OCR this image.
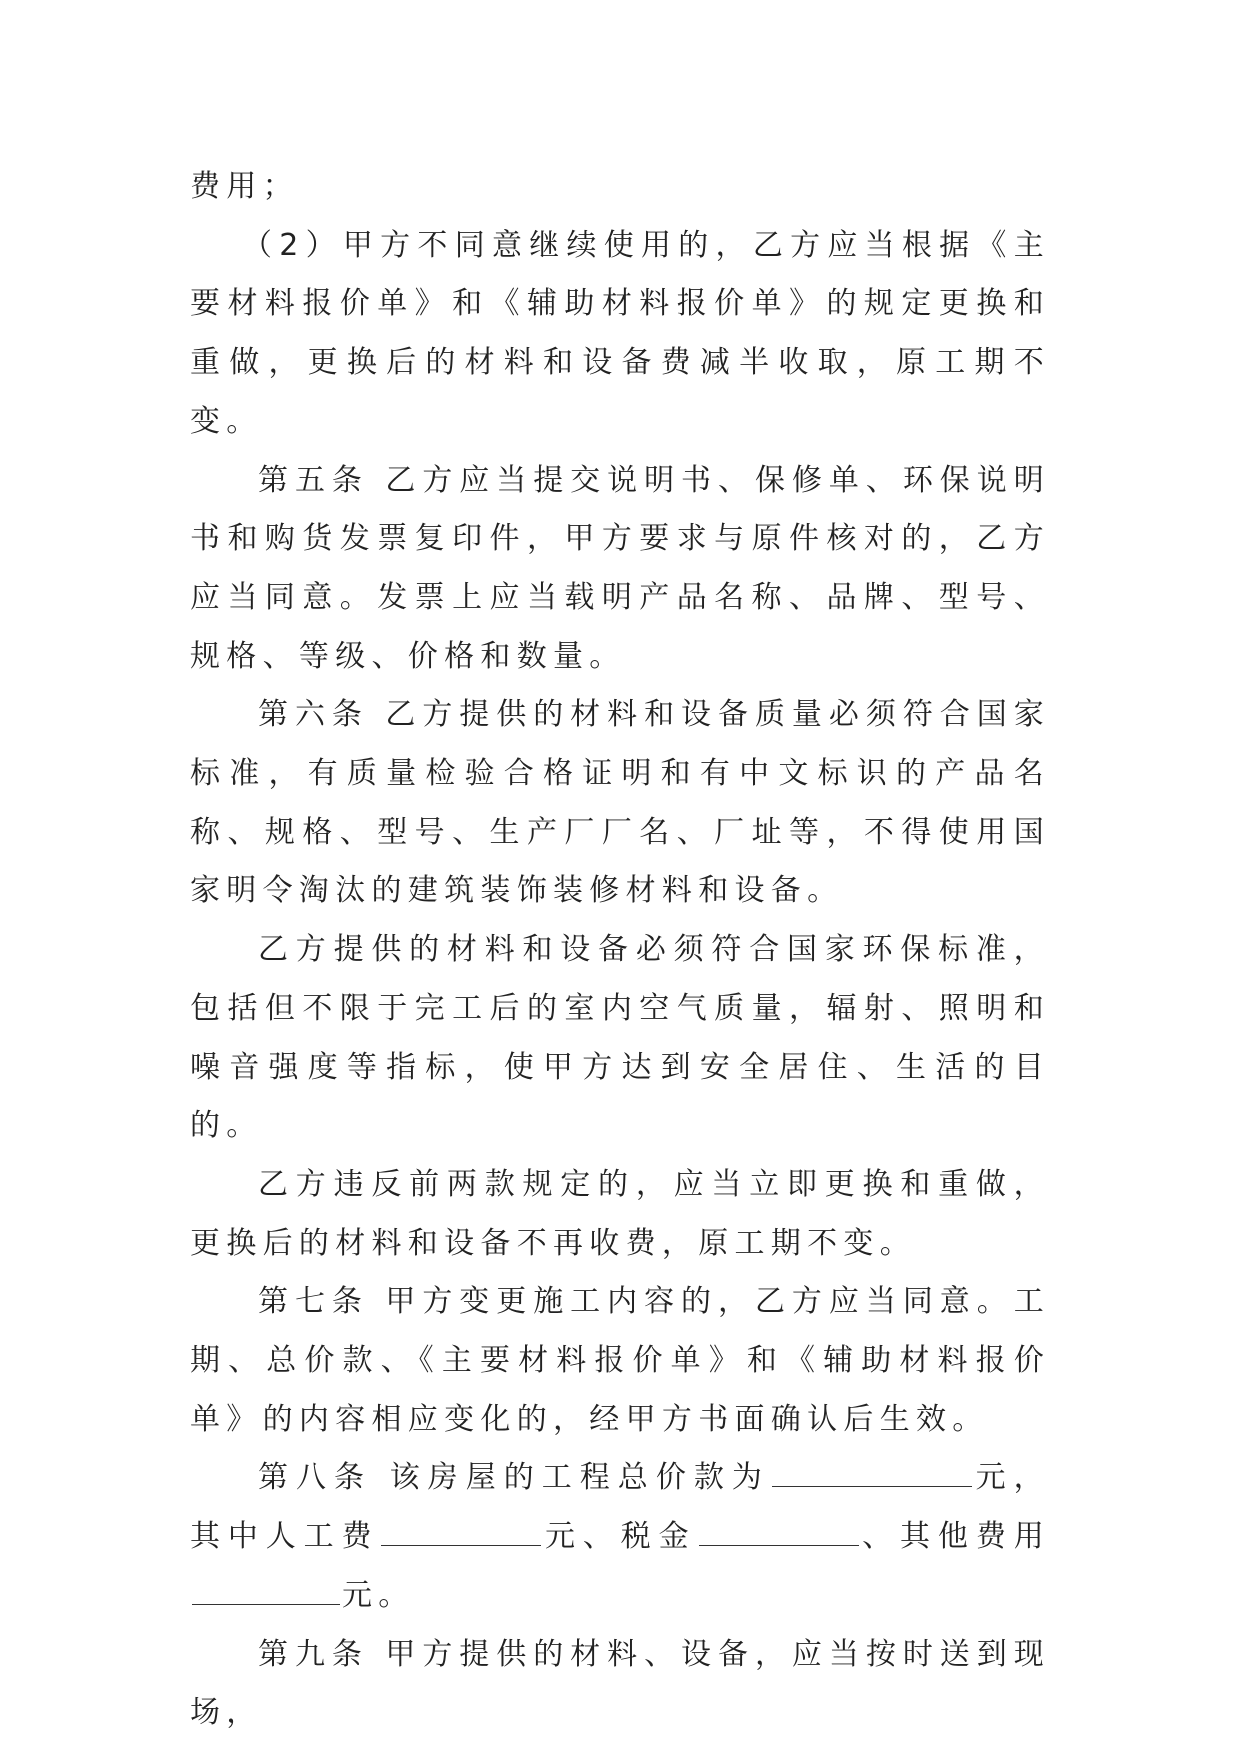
费用；

（2）甲方不同意继续使用的，乙方应当根据《主要材料报价单》和《辅助材料报价单》的规定更换和重做，更换后的材料和设备费减半收取，原工期不变。

第五条 乙方应当提交说明书、保修单、环保说明书和购货发票复印件，甲方要求与原件核对的，乙方应当同意。发票上应当载明产品名称、品牌、型号、规格、等级、价格和数量。

第六条 乙方提供的材料和设备质量必须符合国家标准，有质量检验合格证明和有中文标识的产品名称、规格、型号、生产厂厂名、厂址等，不得使用国家明令淘汰的建筑装饰装修材料和设备。

乙方提供的材料和设备必须符合国家环保标准，包括但不限于完工后的室内空气质量，辐射、照明和噪音强度等指标，使甲方达到安全居住、生活的目的。

乙方违反前两款规定的，应当立即更换和重做，更换后的材料和设备不再收费，原工期不变。

第七条 甲方变更施工内容的，乙方应当同意。工期、总价款、《主要材料报价单》和《辅助材料报价单》的内容相应变化的，经甲方书面确认后生效。

第八条 该房屋的工程总价款为	元，其中人工费	元、税金	、其他费用元。

第九条 甲方提供的材料、设备，应当按时送到现场，
